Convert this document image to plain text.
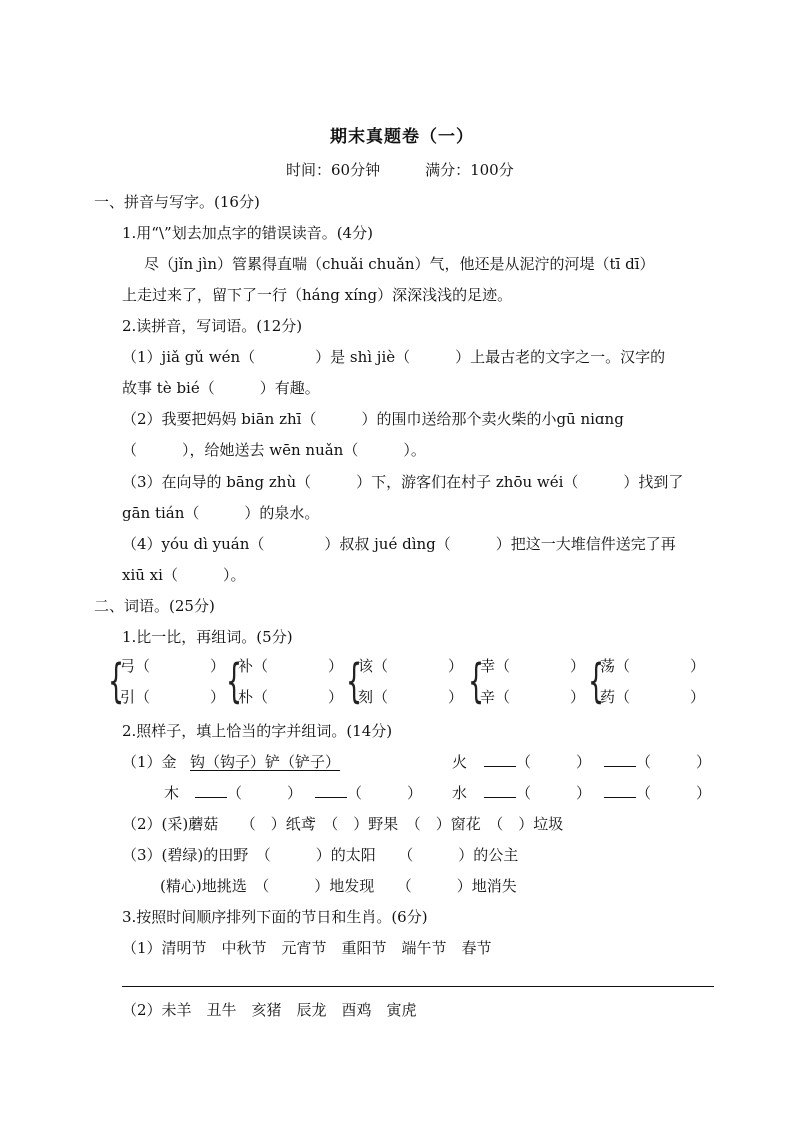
期末真题卷（一）
时间：60分钟　　　满分：100分
一、拼音与写字。(16分)
1.用“\”划去加点字的错误读音。(4分)
尽（jǐn jìn）管累得直喘（chuǎi chuǎn）气，他还是从泥泞的河堤（tī dī）
上走过来了，留下了一行（háng xíng）深深浅浅的足迹。
2.读拼音，写词语。(12分)
（1）jiǎ gǔ wén（　　　　）是 shì jiè（　　　）上最古老的文字之一。汉字的
故事 tè bié（　　　）有趣。
（2）我要把妈妈 biān zhī（　　　）的围巾送给那个卖火柴的小gū niɑng
（　　　），给她送去 wēn nuǎn（　　　）。
（3）在向导的 bāng zhù（　　　）下，游客们在村子 zhōu wéi（　　　）找到了
gān tián（　　　）的泉水。
（4）yóu dì yuán（　　　　）叔叔 jué dìng（　　　）把这一大堆信件送完了再
xiū xi（　　　）。
二、词语。(25分)
1.比一比，再组词。(5分)
{
弓（　　　　）
引（　　　　） {
补（　　　　）
朴（　　　　） {
该（　　　　）
刻（　　　　） {
幸（　　　　）
辛（　　　　） {
荡（　　　　）
药（　　　　）
2.照样子，填上恰当的字并组词。(14分)
（1）金 钩（钩子）铲（铲子）	火	（　　　）	（　　　）
木	（　　　）	（　　　） 水	（　　　）	（　　　）
（2）(采)蘑菇　　（　）纸鸢　（　）野果　（　）窗花　（　）垃圾
（3）(碧绿)的田野　（　　　）的太阳　　（　　　）的公主
(精心)地挑选　（　　　）地发现　　（　　　）地消失
3.按照时间顺序排列下面的节日和生肖。(6分)
（1）清明节　中秋节　元宵节　重阳节　端午节　春节
（2）未羊　丑牛　亥猪　辰龙　酉鸡　寅虎
